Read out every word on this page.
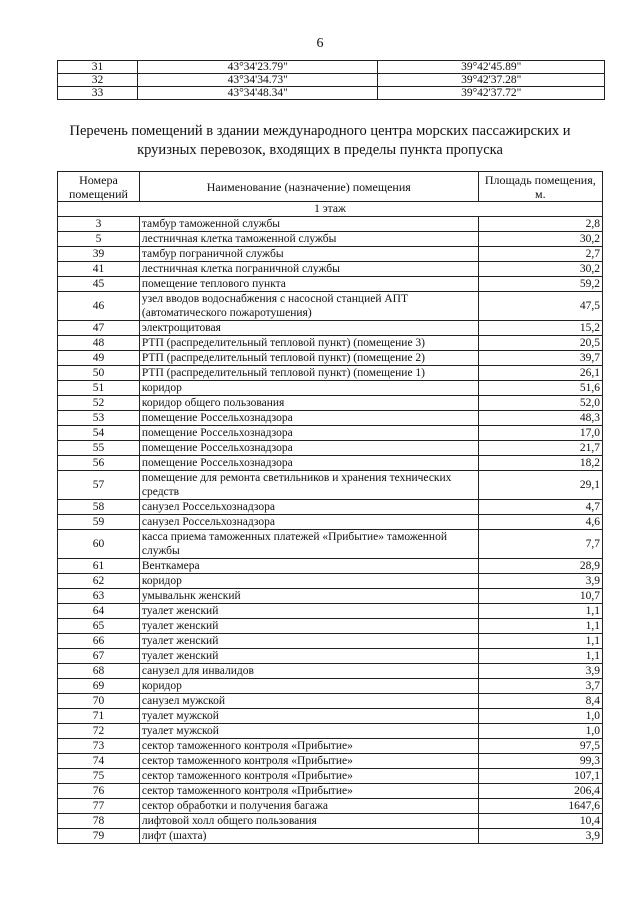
6
31	43°34'23.79"	39°42'45.89"
32	43°34'34.73"	39°42'37.28"
33	43°34'48.34"	39°42'37.72"
Перечень помещений в здании международного центра морских пассажирских и круизных перевозок, входящих в пределы пункта пропуска
Номера помещений	Наименование (назначение) помещения	Площадь помещения, м.
1 этаж		
3	тамбур таможенной службы	2,8
5	лестничная клетка таможенной службы	30,2
39	тамбур пограничной службы	2,7
41	лестничная клетка пограничной службы	30,2
45	помещение теплового пункта	59,2
46	узел вводов водоснабжения с насосной станцией АПТ (автоматического пожаротушения)	47,5
47	электрощитовая	15,2
48	РТП (распределительный тепловой пункт) (помещение 3)	20,5
49	РТП (распределительный тепловой пункт) (помещение 2)	39,7
50	РТП (распределительный тепловой пункт) (помещение 1)	26,1
51	коридор	51,6
52	коридор общего пользования	52,0
53	помещение Россельхознадзора	48,3
54	помещение Россельхознадзора	17,0
55	помещение Россельхознадзора	21,7
56	помещение Россельхознадзора	18,2
57	помещение для ремонта светильников и хранения технических средств	29,1
58	санузел Россельхознадзора	4,7
59	санузел Россельхознадзора	4,6
60	касса приема таможенных платежей «Прибытие» таможенной службы	7,7
61	Венткамера	28,9
62	коридор	3,9
63	умывальнк женский	10,7
64	туалет женский	1,1
65	туалет женский	1,1
66	туалет женский	1,1
67	туалет женский	1,1
68	санузел для инвалидов	3,9
69	коридор	3,7
70	санузел мужской	8,4
71	туалет мужской	1,0
72	туалет мужской	1,0
73	сектор таможенного контроля «Прибытие»	97,5
74	сектор таможенного контроля «Прибытие»	99,3
75	сектор таможенного контроля «Прибытие»	107,1
76	сектор таможенного контроля «Прибытие»	206,4
77	сектор обработки и получения багажа	1647,6
78	лифтовой холл общего пользования	10,4
79	лифт (шахта)	3,9
